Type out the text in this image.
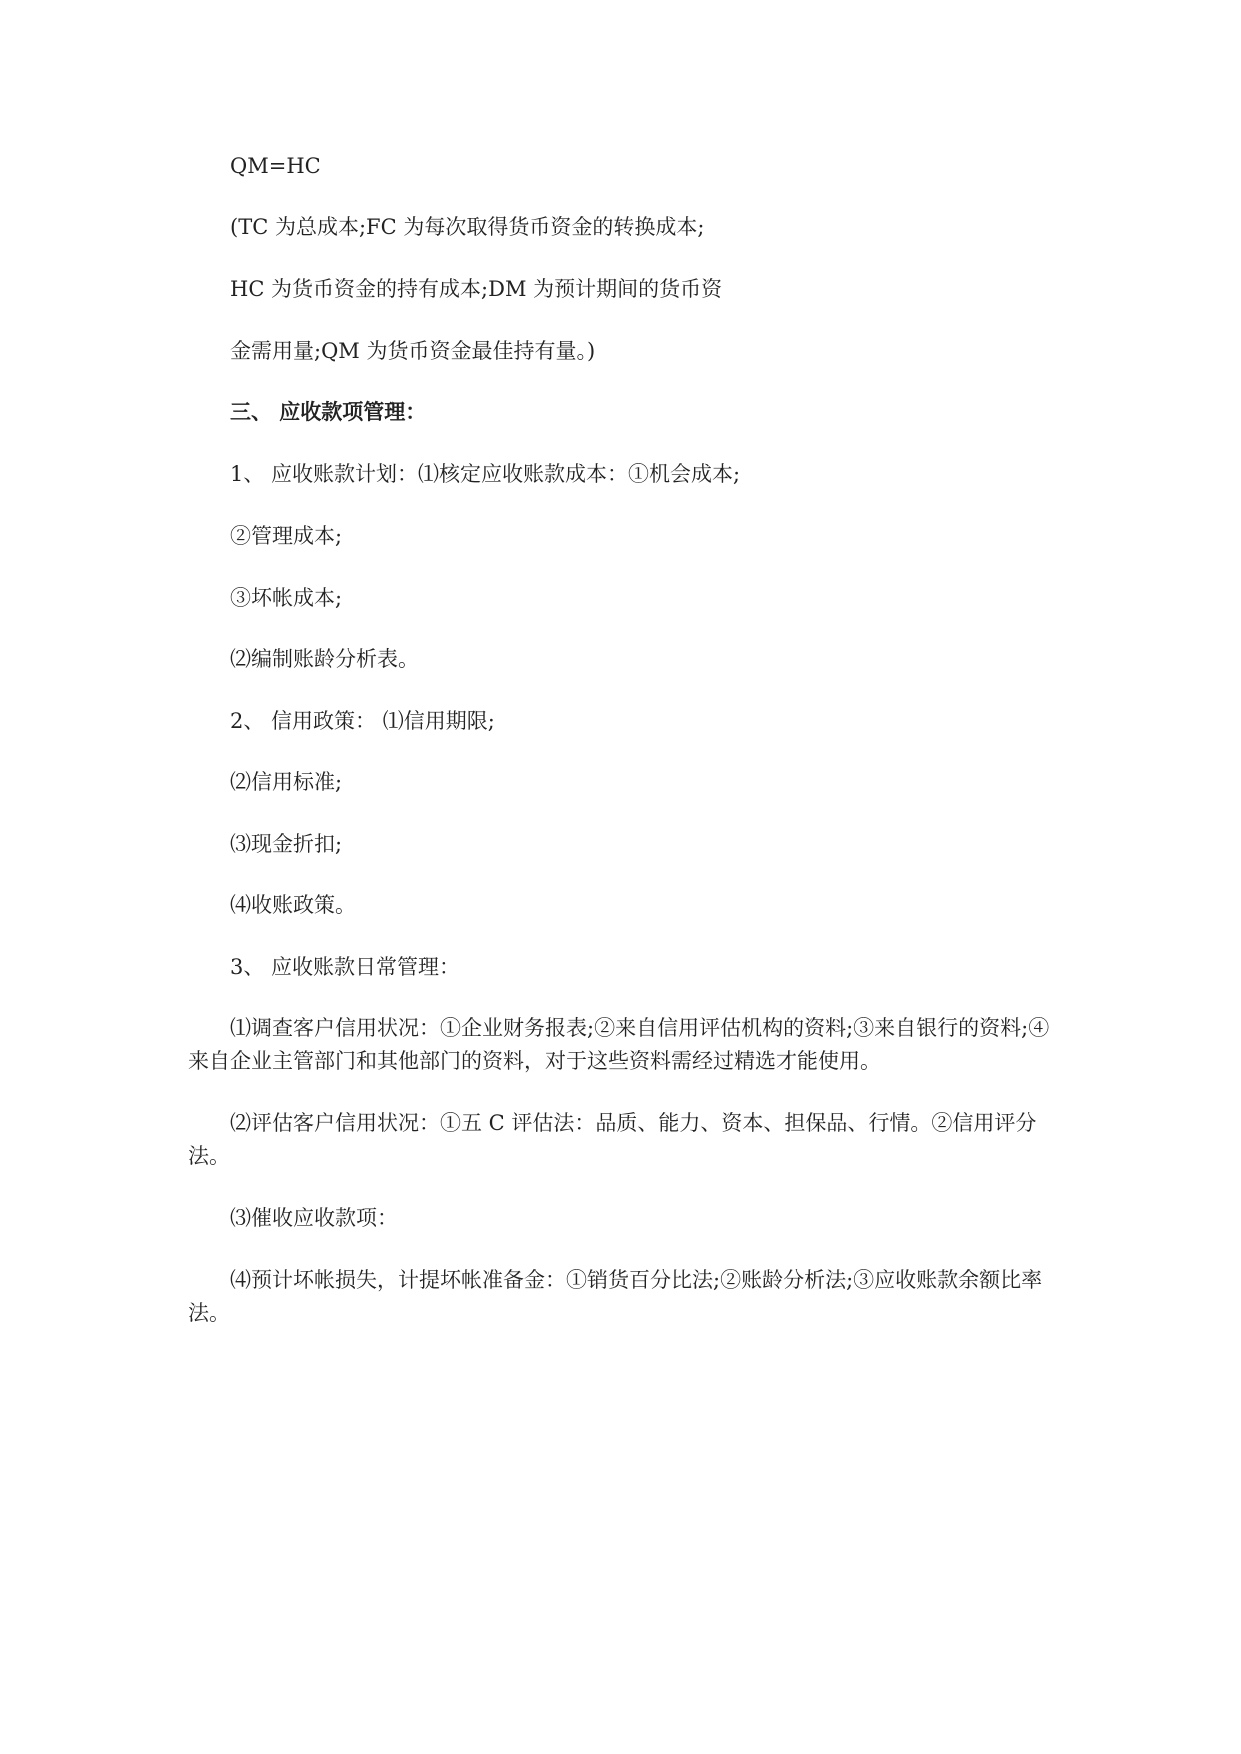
QM=HC
(TC 为总成本;FC 为每次取得货币资金的转换成本;
HC 为货币资金的持有成本;DM 为预计期间的货币资
金需用量;QM 为货币资金最佳持有量。)
三、 应收款项管理：
1、 应收账款计划：⑴核定应收账款成本：①机会成本;
②管理成本;
③坏帐成本;
⑵编制账龄分析表。
2、 信用政策： ⑴信用期限;
⑵信用标准;
⑶现金折扣;
⑷收账政策。
3、 应收账款日常管理：
⑴调查客户信用状况：①企业财务报表;②来自信用评估机构的资料;③来自银行的资料;④来自企业主管部门和其他部门的资料，对于这些资料需经过精选才能使用。
⑵评估客户信用状况：①五 C 评估法：品质、能力、资本、担保品、行情。②信用评分法。
⑶催收应收款项：
⑷预计坏帐损失，计提坏帐准备金：①销货百分比法;②账龄分析法;③应收账款余额比率法。
